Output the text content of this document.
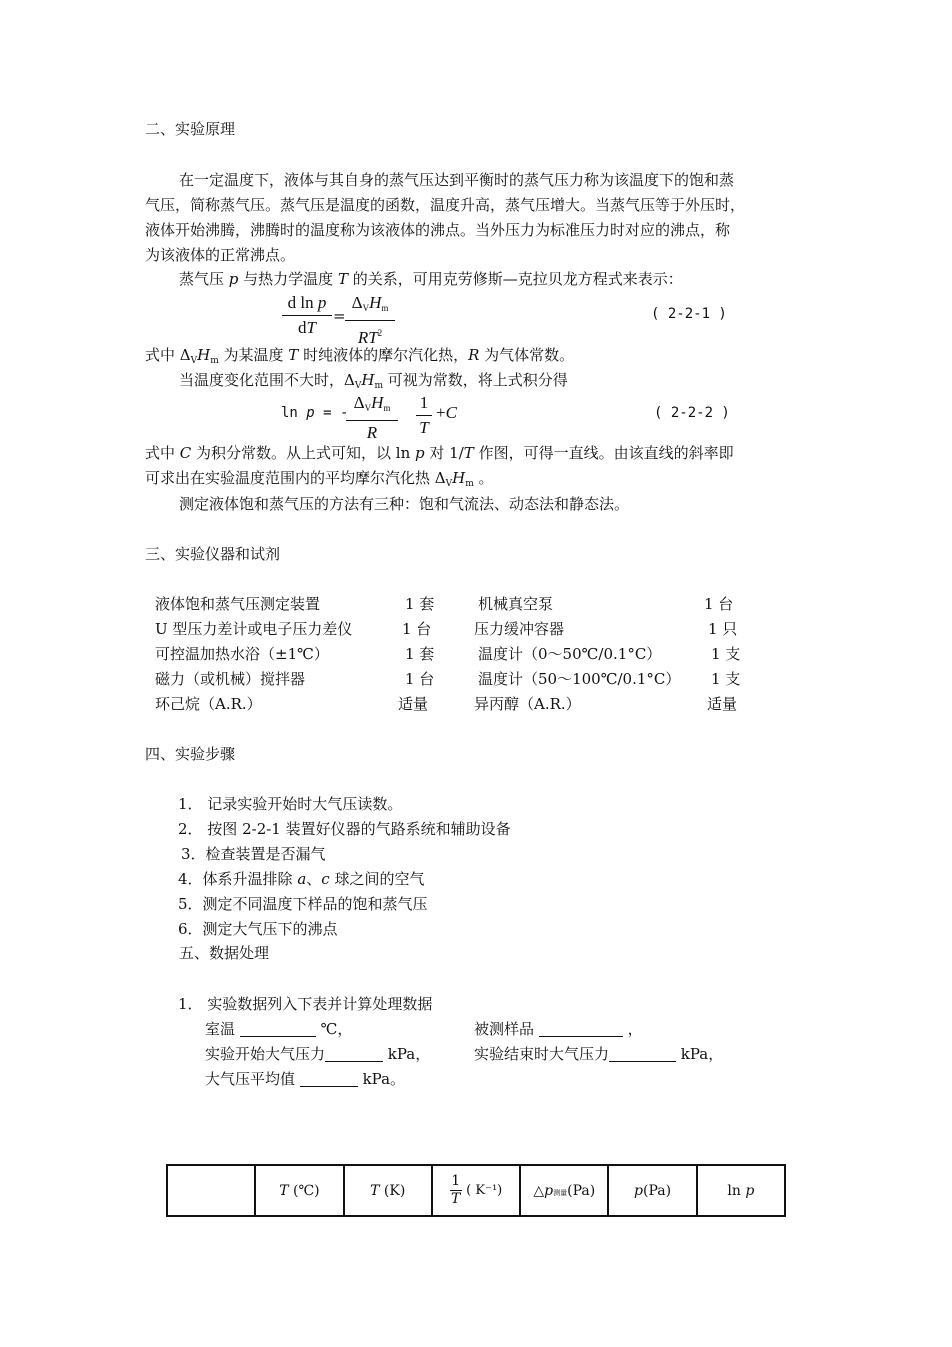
二、实验原理
在一定温度下，液体与其自身的蒸气压达到平衡时的蒸气压力称为该温度下的饱和蒸
气压，简称蒸气压。蒸气压是温度的函数，温度升高，蒸气压增大。当蒸气压等于外压时，
液体开始沸腾，沸腾时的温度称为该液体的沸点。当外压力为标准压力时对应的沸点，称
为该液体的正常沸点。
蒸气压 p 与热力学温度 T 的关系，可用克劳修斯—克拉贝龙方程式来表示：
d ln p
dT
=
$\Delta_VH_m$
$RT^2$
( 2-2-1 )
式中 $\Delta_VH_m$ 为某温度 T 时纯液体的摩尔汽化热，R 为气体常数。
当温度变化范围不大时，$\Delta_VH_m$ 可视为常数，将上式积分得
ln p = -
$\Delta_VH_m$
R
1
T
+C	( 2-2-2 )
式中 C 为积分常数。从上式可知，以 ln p 对 1/T 作图，可得一直线。由该直线的斜率即
可求出在实验温度范围内的平均摩尔汽化热 $\Delta_VH_m$ 。
测定液体饱和蒸气压的方法有三种：饱和气流法、动态法和静态法。
三、实验仪器和试剂
液体饱和蒸气压测定装置	1 套	机械真空泵	1 台
U 型压力差计或电子压力差仪	1 台	压力缓冲容器	1 只
可控温加热水浴（±1℃）	1 套	温度计（0～50℃/0.1°C）	1 支
磁力（或机械）搅拌器	1 台	温度计（50～100℃/0.1°C） 1 支
环己烷（A.R.）	适量	异丙醇（A.R.）	适量
四、实验步骤
1． 记录实验开始时大气压读数。
2． 按图 2-2-1 装置好仪器的气路系统和辅助设备
3．检查装置是否漏气
4．体系升温排除 a、c 球之间的空气
5．测定不同温度下样品的饱和蒸气压
6．测定大气压下的沸点
五、数据处理
1． 实验数据列入下表并计算处理数据
室温	℃，	被测样品	，
实验开始大气压力	kPa，	实验结束时大气压力	kPa，
大气压平均值	kPa。
	T (℃)	T (K)	$\frac{1}{T}$ ( K⁻¹)	△p测量(Pa)	p(Pa)	ln p
